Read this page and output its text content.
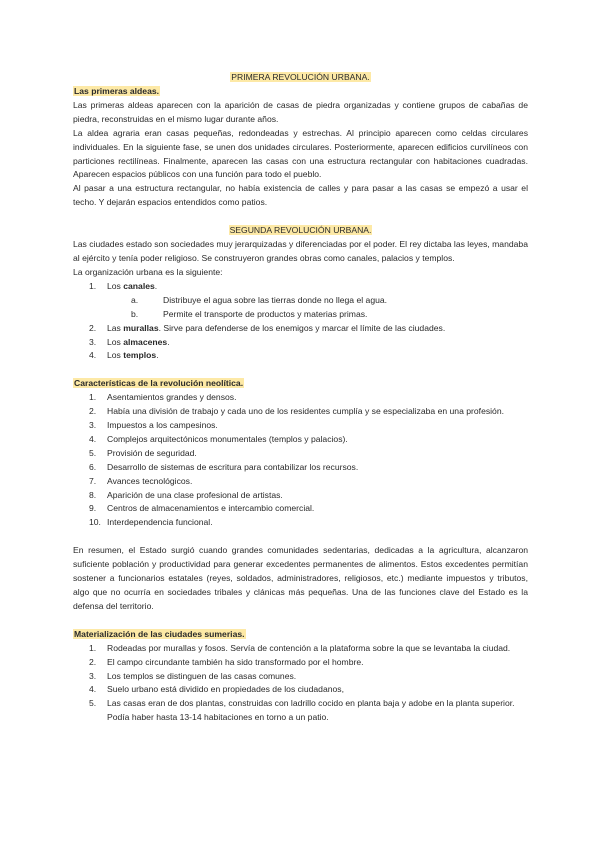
PRIMERA REVOLUCIÓN URBANA.
Las primeras aldeas.

Las primeras aldeas aparecen con la aparición de casas de piedra organizadas y contiene grupos de cabañas de piedra, reconstruidas en el mismo lugar durante años.

La aldea agraria eran casas pequeñas, redondeadas y estrechas. Al principio aparecen como celdas circulares individuales. En la siguiente fase, se unen dos unidades circulares. Posteriormente, aparecen edificios curvilíneos con particiones rectilíneas. Finalmente, aparecen las casas con una estructura rectangular con habitaciones cuadradas. Aparecen espacios públicos con una función para todo el pueblo.

Al pasar a una estructura rectangular, no había existencia de calles y para pasar a las casas se empezó a usar el techo. Y dejarán espacios entendidos como patios.

SEGUNDA REVOLUCIÓN URBANA.

Las ciudades estado son sociedades muy jerarquizadas y diferenciadas por el poder. El rey dictaba las leyes, mandaba al ejército y tenía poder religioso. Se construyeron grandes obras como canales, palacios y templos.

La organización urbana es la siguiente:

1.	Los canales.
a.	Distribuye el agua sobre las tierras donde no llega el agua.
b.	Permite el transporte de productos y materias primas.
2.	Las murallas. Sirve para defenderse de los enemigos y marcar el límite de las ciudades.
3.	Los almacenes.
4.	Los templos.
Características de la revolución neolítica.
1.	Asentamientos grandes y densos.
2.	Había una división de trabajo y cada uno de los residentes cumplía y se especializaba en una profesión.
3.	Impuestos a los campesinos.
4.	Complejos arquitectónicos monumentales (templos y palacios).
5.	Provisión de seguridad.
6.	Desarrollo de sistemas de escritura para contabilizar los recursos.
7.	Avances tecnológicos.
8.	Aparición de una clase profesional de artistas.
9.	Centros de almacenamientos e intercambio comercial.
10. Interdependencia funcional.

En resumen, el Estado surgió cuando grandes comunidades sedentarias, dedicadas a la agricultura, alcanzaron suficiente población y productividad para generar excedentes permanentes de alimentos. Estos excedentes permitían sostener a funcionarios estatales (reyes, soldados, administradores, religiosos, etc.) mediante impuestos y tributos, algo que no ocurría en sociedades tribales y clánicas más pequeñas. Una de las funciones clave del Estado es la defensa del territorio.

Materialización de las ciudades sumerias.
1.	Rodeadas por murallas y fosos. Servía de contención a la plataforma sobre la que se levantaba la ciudad.
2.	El campo circundante también ha sido transformado por el hombre.
3.	Los templos se distinguen de las casas comunes.
4.	Suelo urbano está dividido en propiedades de los ciudadanos,
5.	Las casas eran de dos plantas, construidas con ladrillo cocido en planta baja y adobe en la planta superior. Podía haber hasta 13-14 habitaciones en torno a un patio.
